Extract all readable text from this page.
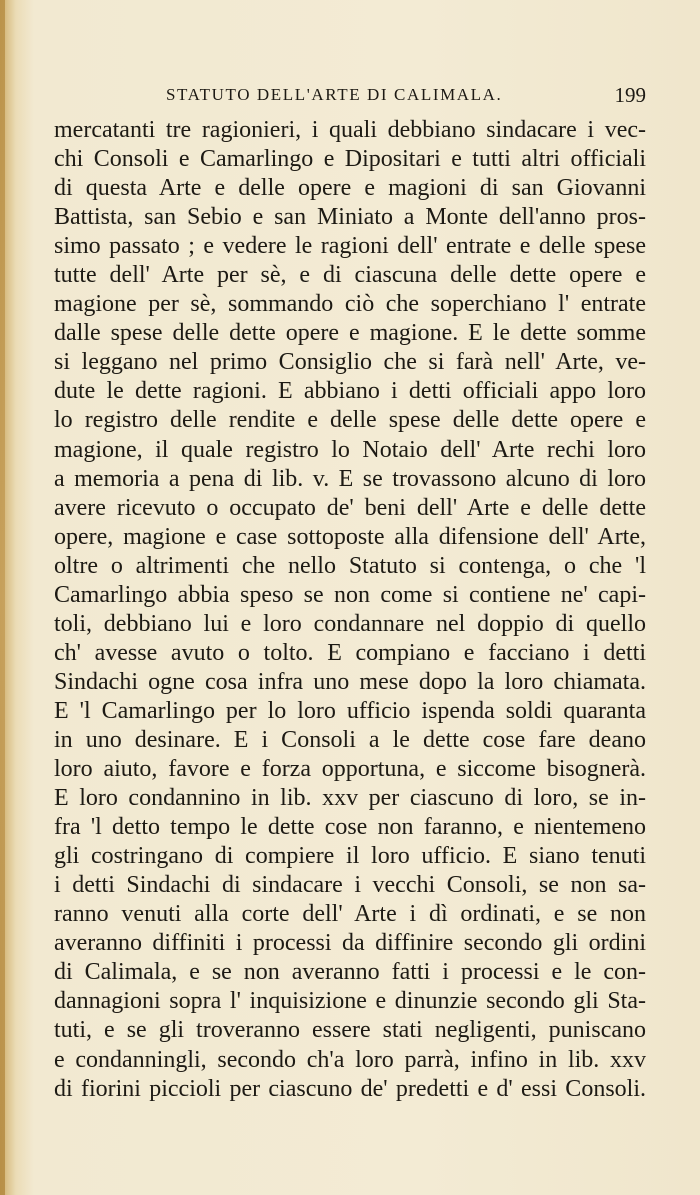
STATUTO DELL'ARTE DI CALIMALA.	199
mercatanti tre ragionieri, i quali debbiano sindacare i vec-
chi Consoli e Camarlingo e Dipositari e tutti altri officiali
di questa Arte e delle opere e magioni di san Giovanni
Battista, san Sebio e san Miniato a Monte dell'anno pros-
simo passato ; e vedere le ragioni dell' entrate e delle spese
tutte dell' Arte per sè, e di ciascuna delle dette opere e
magione per sè, sommando ciò che soperchiano l' entrate
dalle spese delle dette opere e magione. E le dette somme
si leggano nel primo Consiglio che si farà nell' Arte, ve-
dute le dette ragioni. E abbiano i detti officiali appo loro
lo registro delle rendite e delle spese delle dette opere e
magione, il quale registro lo Notaio dell' Arte rechi loro
a memoria a pena di lib. v. E se trovassono alcuno di loro
avere ricevuto o occupato de' beni dell' Arte e delle dette
opere, magione e case sottoposte alla difensione dell' Arte,
oltre o altrimenti che nello Statuto si contenga, o che 'l
Camarlingo abbia speso se non come si contiene ne' capi-
toli, debbiano lui e loro condannare nel doppio di quello
ch' avesse avuto o tolto. E compiano e facciano i detti
Sindachi ogne cosa infra uno mese dopo la loro chiamata.
E 'l Camarlingo per lo loro ufficio ispenda soldi quaranta
in uno desinare. E i Consoli a le dette cose fare deano
loro aiuto, favore e forza opportuna, e siccome bisognerà.
E loro condannino in lib. xxv per ciascuno di loro, se in-
fra 'l detto tempo le dette cose non faranno, e nientemeno
gli costringano di compiere il loro ufficio. E siano tenuti
i detti Sindachi di sindacare i vecchi Consoli, se non sa-
ranno venuti alla corte dell' Arte i dì ordinati, e se non
averanno diffiniti i processi da diffinire secondo gli ordini
di Calimala, e se non averanno fatti i processi e le con-
dannagioni sopra l' inquisizione e dinunzie secondo gli Sta-
tuti, e se gli troveranno essere stati negligenti, puniscano
e condanningli, secondo ch'a loro parrà, infino in lib. xxv
di fiorini piccioli per ciascuno de' predetti e d' essi Consoli.
